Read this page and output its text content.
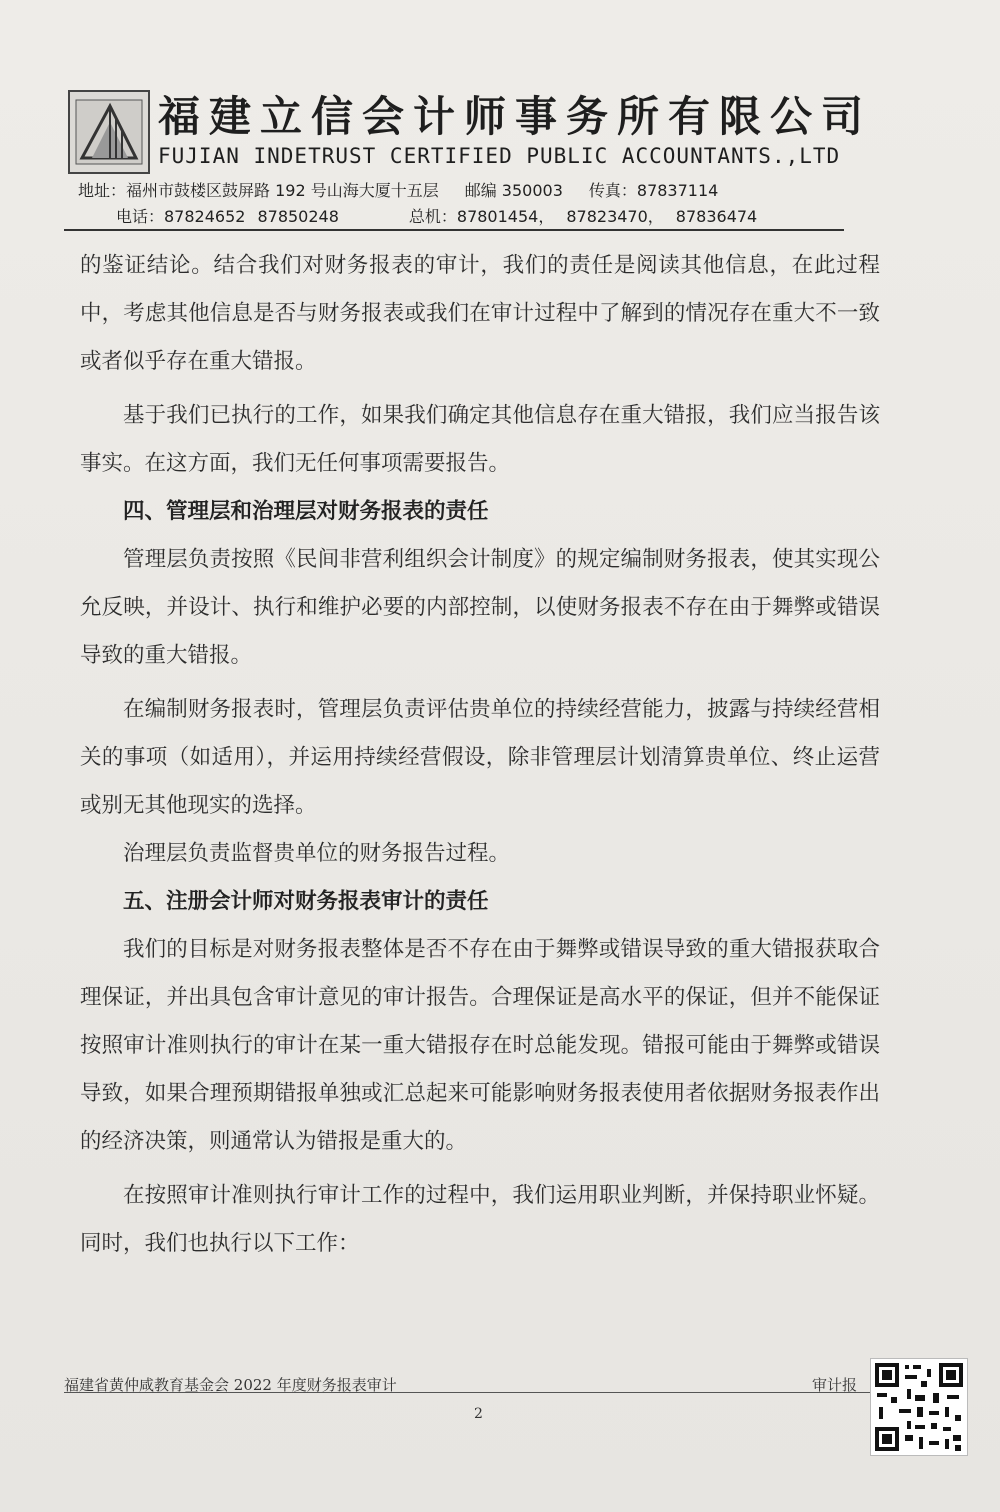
福建立信会计师事务所有限公司
FUJIAN INDETRUST CERTIFIED PUBLIC ACCOUNTANTS.,LTD
地址：福州市鼓楼区鼓屏路 192 号山海大厦十五层 邮编 350003 传真：87837114
电话：87824652 87850248	总机：87801454， 87823470， 87836474

的鉴证结论。结合我们对财务报表的审计，我们的责任是阅读其他信息，在此过程中，考虑其他信息是否与财务报表或我们在审计过程中了解到的情况存在重大不一致或者似乎存在重大错报。

基于我们已执行的工作，如果我们确定其他信息存在重大错报，我们应当报告该事实。在这方面，我们无任何事项需要报告。

四、管理层和治理层对财务报表的责任

管理层负责按照《民间非营利组织会计制度》的规定编制财务报表，使其实现公允反映，并设计、执行和维护必要的内部控制，以使财务报表不存在由于舞弊或错误导致的重大错报。

在编制财务报表时，管理层负责评估贵单位的持续经营能力，披露与持续经营相关的事项（如适用），并运用持续经营假设，除非管理层计划清算贵单位、终止运营或别无其他现实的选择。

治理层负责监督贵单位的财务报告过程。

五、注册会计师对财务报表审计的责任

我们的目标是对财务报表整体是否不存在由于舞弊或错误导致的重大错报获取合理保证，并出具包含审计意见的审计报告。合理保证是高水平的保证，但并不能保证按照审计准则执行的审计在某一重大错报存在时总能发现。错报可能由于舞弊或错误导致，如果合理预期错报单独或汇总起来可能影响财务报表使用者依据财务报表作出的经济决策，则通常认为错报是重大的。

在按照审计准则执行审计工作的过程中，我们运用职业判断，并保持职业怀疑。同时，我们也执行以下工作：

福建省黄仲咸教育基金会 2022 年度财务报表审计	审计报
2
